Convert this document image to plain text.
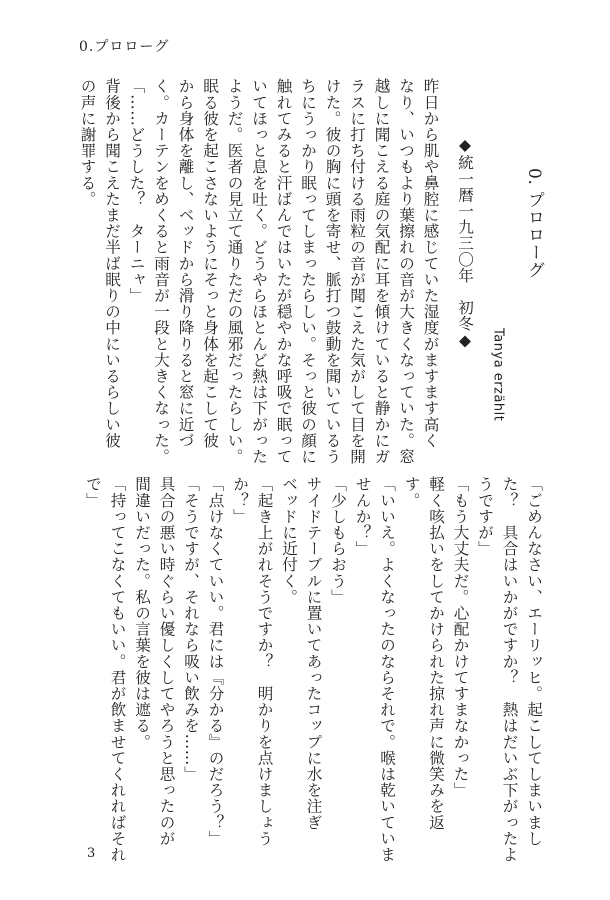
0.プロローグ

0. プロローグ

Tanya erzählt

◆統一暦一九三〇年　初冬◆

昨日から肌や鼻腔に感じていた湿度がますます高く

なり、いつもより葉擦れの音が大きくなっていた。窓

越しに聞こえる庭の気配に耳を傾けていると静かにガ

ラスに打ち付ける雨粒の音が聞こえた気がして目を開

けた。彼の胸に頭を寄せ、脈打つ鼓動を聞いているう

ちにうっかり眠ってしまったらしい。そっと彼の顔に

触れてみると汗ばんではいたが穏やかな呼吸で眠って

いてほっと息を吐く。どうやらほとんど熱は下がった

ようだ。医者の見立て通りただの風邪だったらしい。

眠る彼を起こさないようにそっと身体を起こして彼

から身体を離し、ベッドから滑り降りると窓に近づ

く。カーテンをめくると雨音が一段と大きくなった。

「……どうした？　ターニャ」

背後から聞こえたまだ半ば眠りの中にいるらしい彼

の声に謝罪する。

「ごめんなさい、エーリッヒ。起こしてしまいまし

た？　具合はいかがですか？　熱はだいぶ下がったよ

うですが」

「もう大丈夫だ。心配かけてすまなかった」

軽く咳払いをしてかけられた掠れ声に微笑みを返

す。

「いいえ。よくなったのならそれで。喉は乾いていま

せんか？」

「少しもらおう」

サイドテーブルに置いてあったコップに水を注ぎ

ベッドに近付く。

「起き上がれそうですか？　明かりを点けましょう

か？」

「点けなくていい。君には『分かる』のだろう？」

「そうですが、それなら吸い飲みを……」

具合の悪い時ぐらい優しくしてやろうと思ったのが

間違いだった。私の言葉を彼は遮る。

「持ってこなくてもいい。君が飲ませてくれればそれ

で」

3
